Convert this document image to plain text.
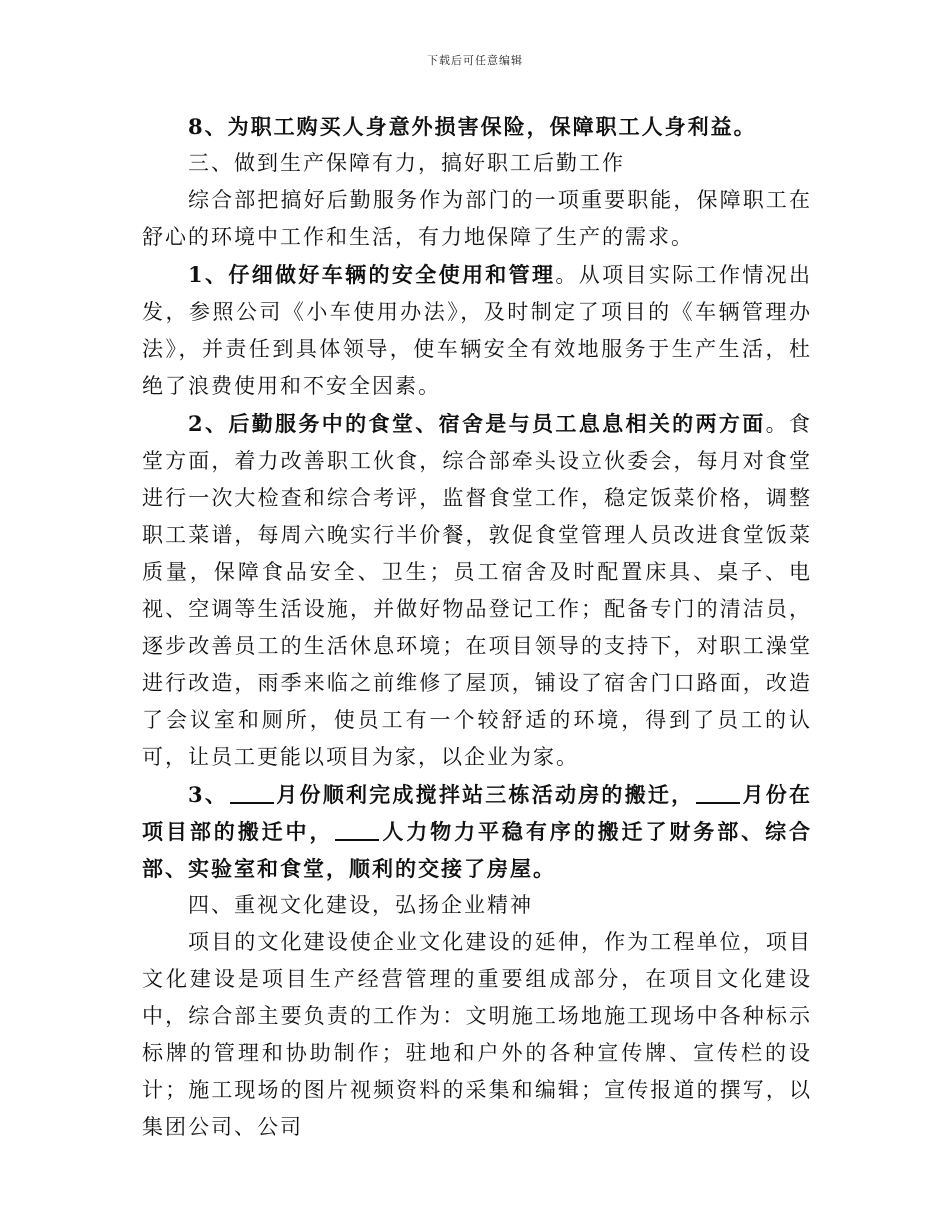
下载后可任意编辑

8、为职工购买人身意外损害保险，保障职工人身利益。

三、做到生产保障有力，搞好职工后勤工作

综合部把搞好后勤服务作为部门的一项重要职能，保障职工在舒心的环境中工作和生活，有力地保障了生产的需求。

1、仔细做好车辆的安全使用和管理。从项目实际工作情况出发，参照公司《小车使用办法》，及时制定了项目的《车辆管理办法》，并责任到具体领导，使车辆安全有效地服务于生产生活，杜绝了浪费使用和不安全因素。

2、后勤服务中的食堂、宿舍是与员工息息相关的两方面。食堂方面，着力改善职工伙食，综合部牵头设立伙委会，每月对食堂进行一次大检查和综合考评，监督食堂工作，稳定饭菜价格，调整职工菜谱，每周六晚实行半价餐，敦促食堂管理人员改进食堂饭菜质量，保障食品安全、卫生；员工宿舍及时配置床具、桌子、电视、空调等生活设施，并做好物品登记工作；配备专门的清洁员，逐步改善员工的生活休息环境；在项目领导的支持下，对职工澡堂进行改造，雨季来临之前维修了屋顶，铺设了宿舍门口路面，改造了会议室和厕所，使员工有一个较舒适的环境，得到了员工的认可，让员工更能以项目为家，以企业为家。

3、 月份顺利完成搅拌站三栋活动房的搬迁， 月份在项目部的搬迁中， 人力物力平稳有序的搬迁了财务部、综合部、实验室和食堂，顺利的交接了房屋。

四、重视文化建设，弘扬企业精神

项目的文化建设使企业文化建设的延伸，作为工程单位，项目文化建设是项目生产经营管理的重要组成部分，在项目文化建设中，综合部主要负责的工作为：文明施工场地施工现场中各种标示标牌的管理和协助制作；驻地和户外的各种宣传牌、宣传栏的设计；施工现场的图片视频资料的采集和编辑；宣传报道的撰写，以集团公司、公司
